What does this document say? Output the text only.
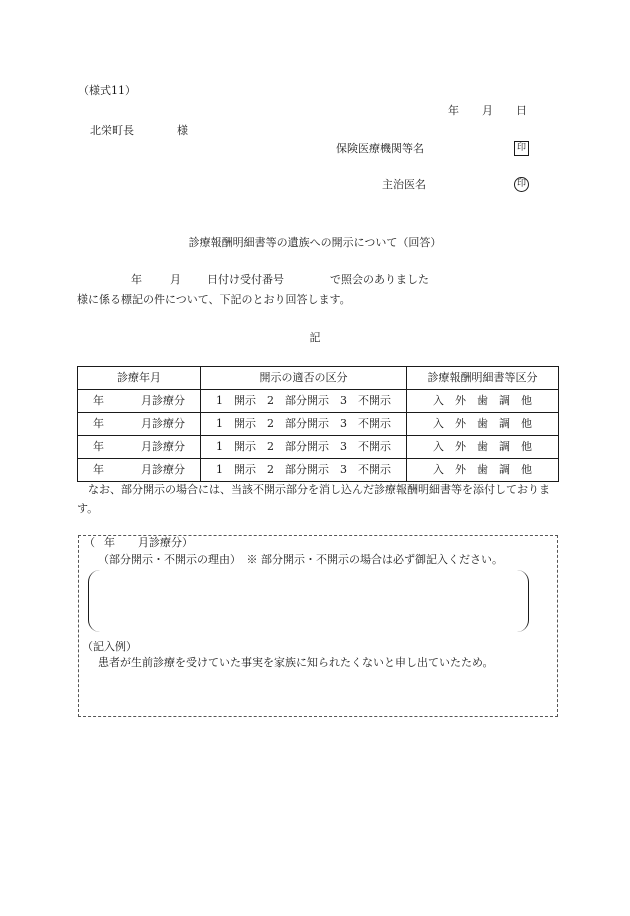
（様式11）
年 月 日
北栄町長	様
保険医療機関等名	印
主治医名	印
診療報酬明細書等の遺族への開示について（回答）
年	月 日付け受付番号	で照会のありました
様に係る標記の件について、下記のとおり回答します。
記
診療年月	開示の適否の区分	診療報酬明細書等区分
年 月診療分	1　開示　2　部分開示　3　不開示	入　外　歯　調　他
年 月診療分	1　開示　2　部分開示　3　不開示	入　外　歯　調　他
年 月診療分	1　開示　2　部分開示　3　不開示	入　外　歯　調　他
年 月診療分	1　開示　2　部分開示　3　不開示	入　外　歯　調　他
なお、部分開示の場合には、当該不開示部分を消し込んだ診療報酬明細書等を添付しておりま
す。
（ 年 月診療分）
（部分開示・不開示の理由）　※ 部分開示・不開示の場合は必ず御記入ください。
（記入例）
患者が生前診療を受けていた事実を家族に知られたくないと申し出ていたため。
